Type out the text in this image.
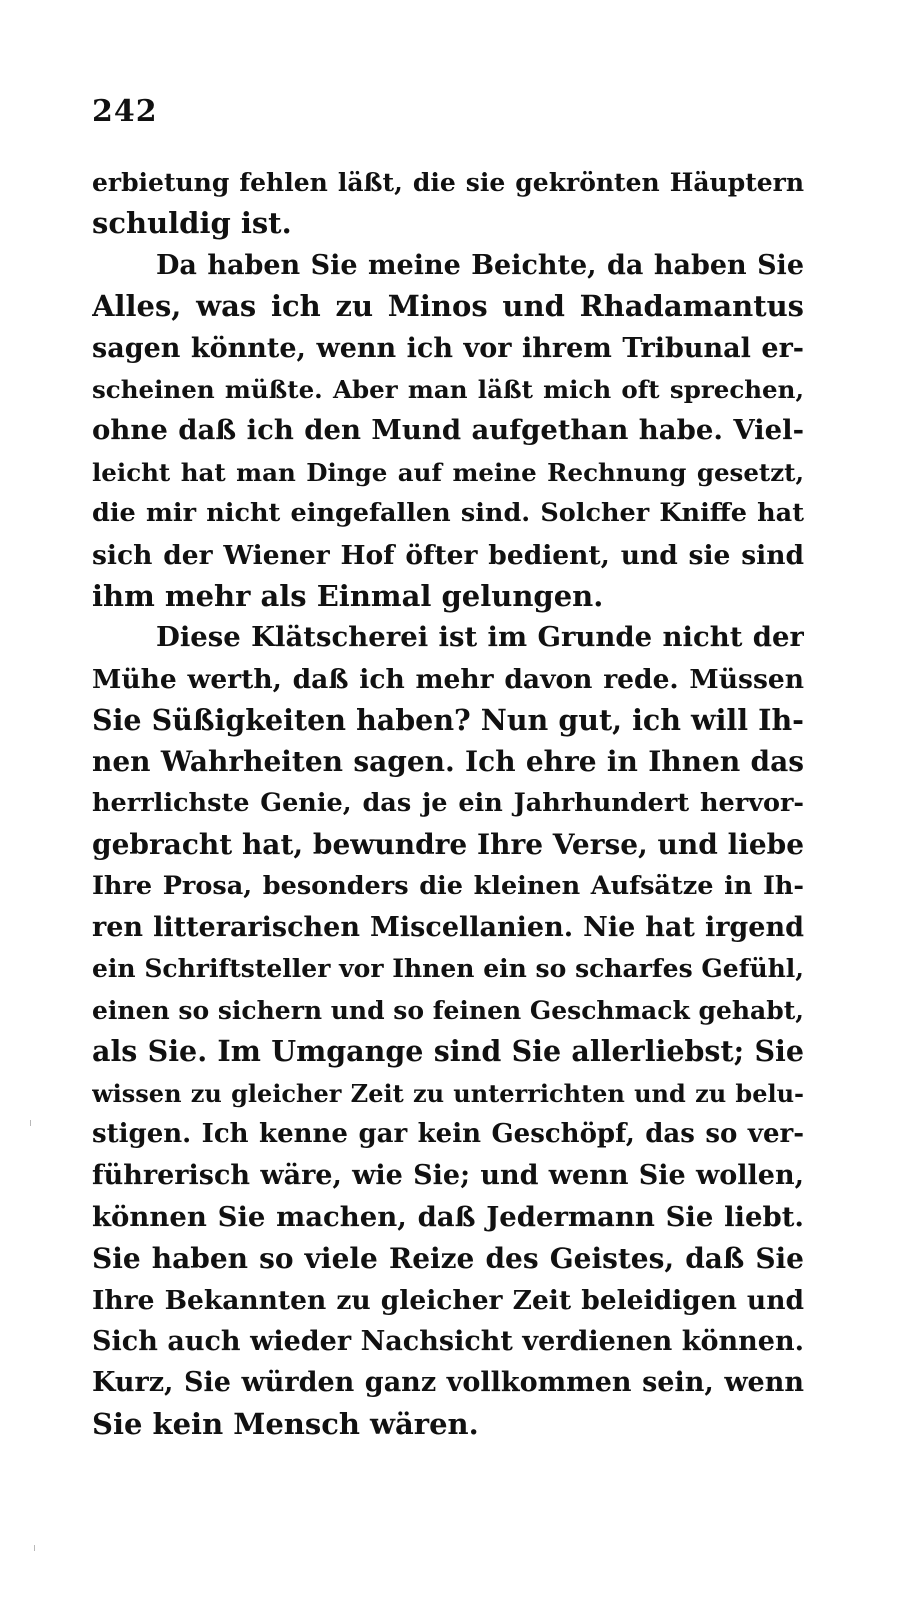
242
erbietung fehlen läßt, die sie gekrönten Häuptern
schuldig ist.
Da haben Sie meine Beichte, da haben Sie
Alles, was ich zu Minos und Rhadamantus
sagen könnte, wenn ich vor ihrem Tribunal er-
scheinen müßte. Aber man läßt mich oft sprechen,
ohne daß ich den Mund aufgethan habe. Viel-
leicht hat man Dinge auf meine Rechnung gesetzt,
die mir nicht eingefallen sind. Solcher Kniffe hat
sich der Wiener Hof öfter bedient, und sie sind
ihm mehr als Einmal gelungen.
Diese Klätscherei ist im Grunde nicht der
Mühe werth, daß ich mehr davon rede. Müssen
Sie Süßigkeiten haben? Nun gut, ich will Ih-
nen Wahrheiten sagen. Ich ehre in Ihnen das
herrlichste Genie, das je ein Jahrhundert hervor-
gebracht hat, bewundre Ihre Verse, und liebe
Ihre Prosa, besonders die kleinen Aufsätze in Ih-
ren litterarischen Miscellanien. Nie hat irgend
ein Schriftsteller vor Ihnen ein so scharfes Gefühl,
einen so sichern und so feinen Geschmack gehabt,
als Sie. Im Umgange sind Sie allerliebst; Sie
wissen zu gleicher Zeit zu unterrichten und zu belu-
stigen. Ich kenne gar kein Geschöpf, das so ver-
führerisch wäre, wie Sie; und wenn Sie wollen,
können Sie machen, daß Jedermann Sie liebt.
Sie haben so viele Reize des Geistes, daß Sie
Ihre Bekannten zu gleicher Zeit beleidigen und
Sich auch wieder Nachsicht verdienen können.
Kurz, Sie würden ganz vollkommen sein, wenn
Sie kein Mensch wären.
